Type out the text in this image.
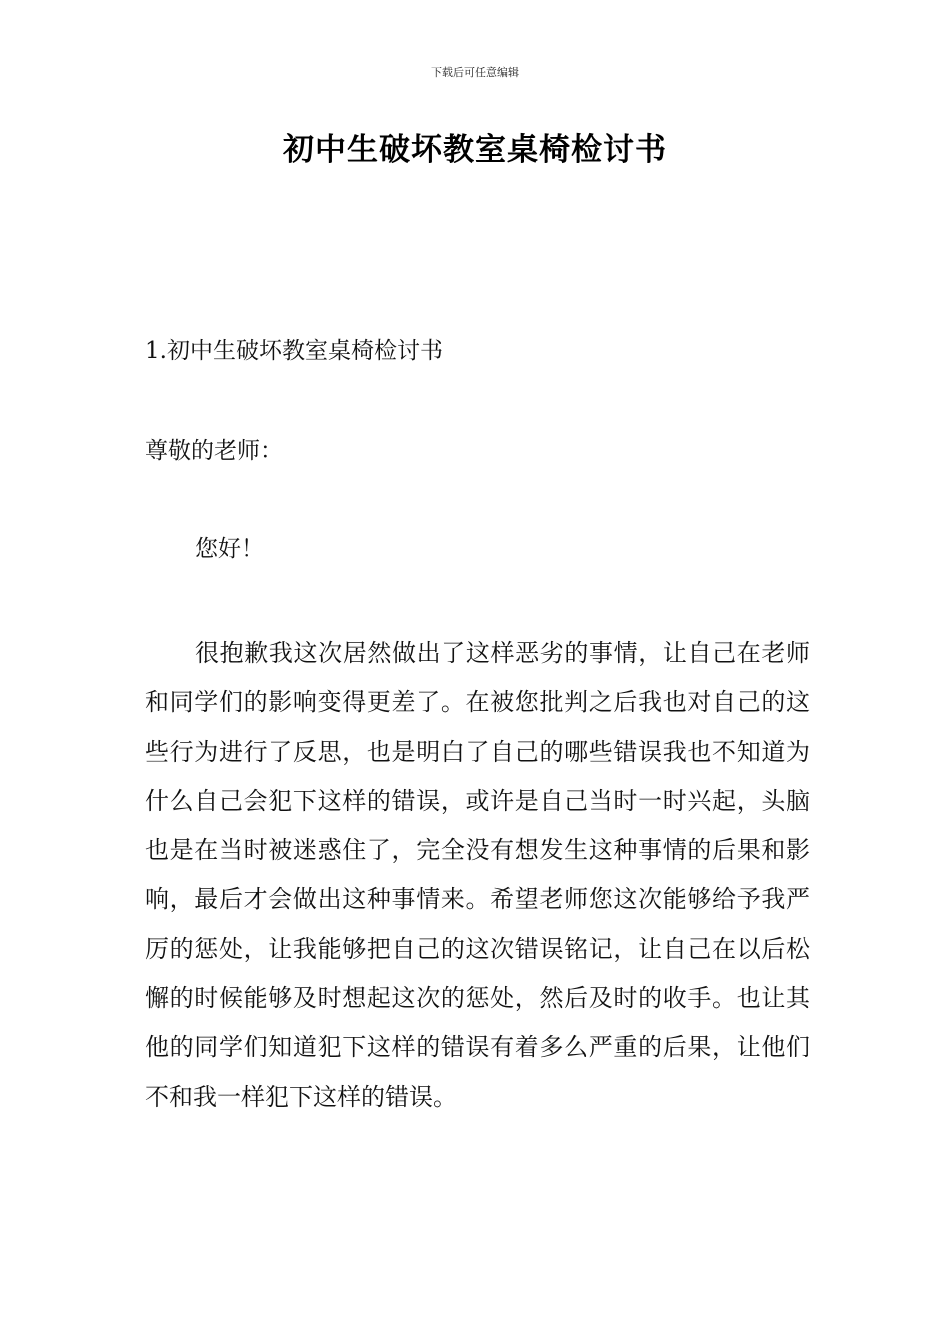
下载后可任意编辑
初中生破坏教室桌椅检讨书
1.初中生破坏教室桌椅检讨书

尊敬的老师：

您好！

很抱歉我这次居然做出了这样恶劣的事情，让自己在老师和同学们的影响变得更差了。在被您批判之后我也对自己的这些行为进行了反思，也是明白了自己的哪些错误我也不知道为什么自己会犯下这样的错误，或许是自己当时一时兴起，头脑也是在当时被迷惑住了，完全没有想发生这种事情的后果和影响，最后才会做出这种事情来。希望老师您这次能够给予我严厉的惩处，让我能够把自己的这次错误铭记，让自己在以后松懈的时候能够及时想起这次的惩处，然后及时的收手。也让其他的同学们知道犯下这样的错误有着多么严重的后果，让他们不和我一样犯下这样的错误。
